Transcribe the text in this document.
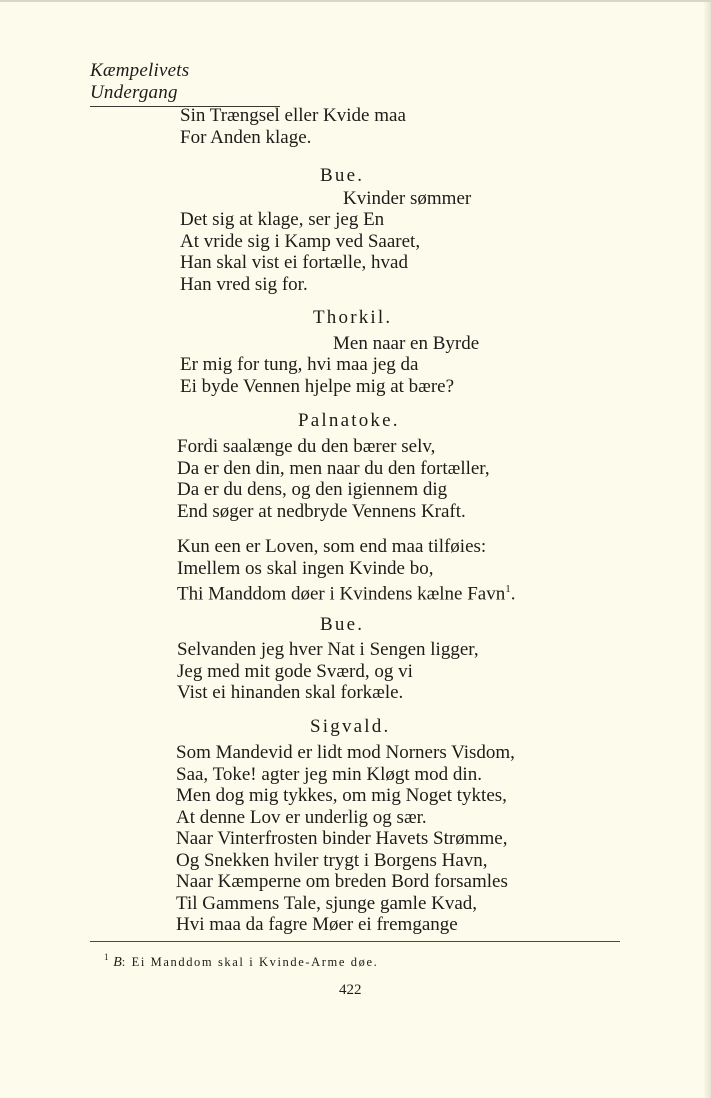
Kæmpelivets Undergang
Sin Trængsel eller Kvide maa
For Anden klage.
Bue.
Kvinder sømmer
Det sig at klage, ser jeg En
At vride sig i Kamp ved Saaret,
Han skal vist ei fortælle, hvad
Han vred sig for.
Thorkil.
Men naar en Byrde
Er mig for tung, hvi maa jeg da
Ei byde Vennen hjelpe mig at bære?
Palnatoke.
Fordi saalænge du den bærer selv,
Da er den din, men naar du den fortæller,
Da er du dens, og den igiennem dig
End søger at nedbryde Vennens Kraft.
Kun een er Loven, som end maa tilføies:
Imellem os skal ingen Kvinde bo,
Thi Manddom døer i Kvindens kælne Favn$^1$.
Bue.
Selvanden jeg hver Nat i Sengen ligger,
Jeg med mit gode Sværd, og vi
Vist ei hinanden skal forkæle.
Sigvald.
Som Mandevid er lidt mod Norners Visdom,
Saa, Toke! agter jeg min Kløgt mod din.
Men dog mig tykkes, om mig Noget tyktes,
At denne Lov er underlig og sær.
Naar Vinterfrosten binder Havets Strømme,
Og Snekken hviler trygt i Borgens Havn,
Naar Kæmperne om breden Bord forsamles
Til Gammens Tale, sjunge gamle Kvad,
Hvi maa da fagre Møer ei fremgange
$^1$ B: Ei Manddom skal i Kvinde-Arme døe.
422
